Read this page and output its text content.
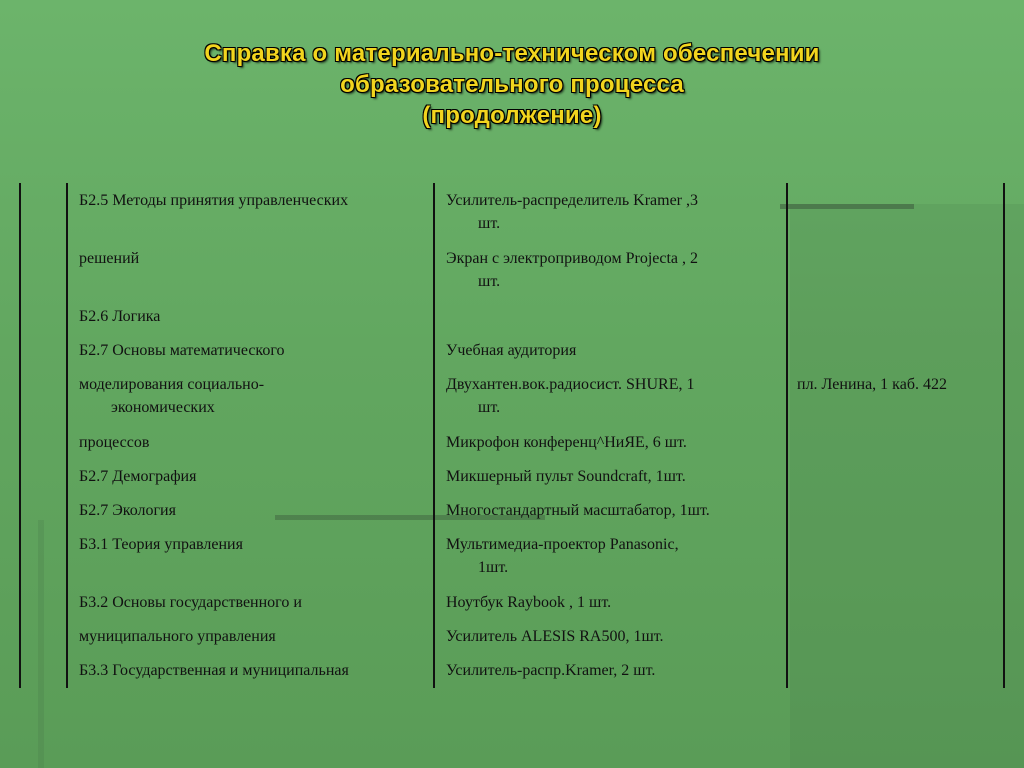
Справка о материально-техническом обеспечении
образовательного процесса
(продолжение)
Б2.5 Методы принятия управленческих
решений
Б2.6 Логика
Б2.7 Основы математического
моделирования социально-
экономических
процессов
Б2.7 Демография
Б2.7 Экология
Б3.1 Теория управления
Б3.2 Основы государственного и
муниципального управления
Б3.3 Государственная и муниципальная
Усилитель-распределитель Kramer ,3
шт.
Экран с электроприводом Projecta , 2
шт.
Учебная аудитория
Двухантен.вок.радиосист. SHURE, 1
шт.
Микрофон конференц^НиЯЕ, 6 шт.
Микшерный пульт Soundcraft, 1шт.
Многостандартный масштабатор, 1шт.
Мультимедиа-проектор Panasonic,
1шт.
Ноутбук Raybook , 1 шт.
Усилитель ALESIS RA500, 1шт.
Усилитель-распр.Kramer, 2 шт.
пл. Ленина, 1 каб. 422
